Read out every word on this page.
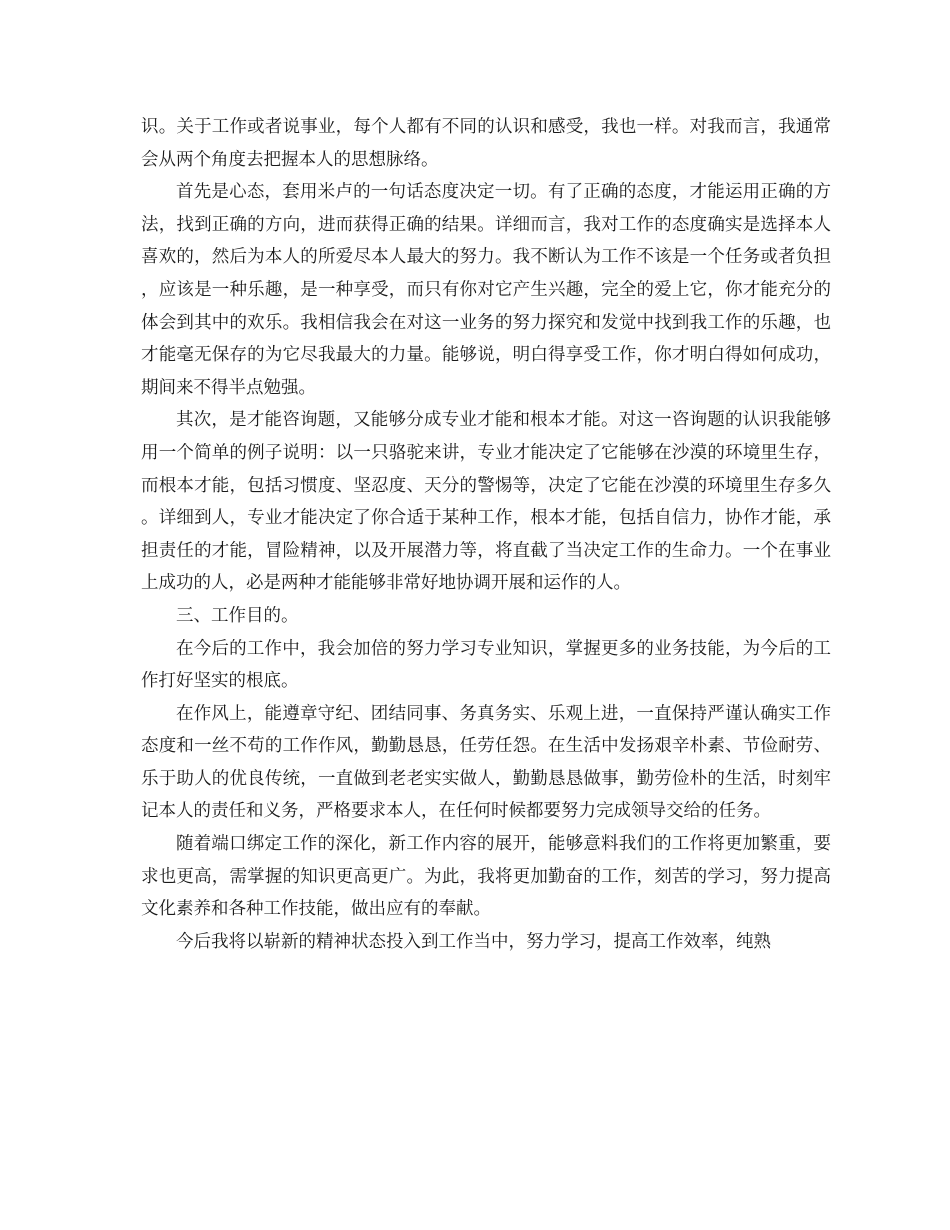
识。关于工作或者说事业，每个人都有不同的认识和感受，我也一样。对我而言，我通常会从两个角度去把握本人的思想脉络。

首先是心态，套用米卢的一句话态度决定一切。有了正确的态度，才能运用正确的方法，找到正确的方向，进而获得正确的结果。详细而言，我对工作的态度确实是选择本人喜欢的，然后为本人的所爱尽本人最大的努力。我不断认为工作不该是一个任务或者负担，应该是一种乐趣，是一种享受，而只有你对它产生兴趣，完全的爱上它，你才能充分的体会到其中的欢乐。我相信我会在对这一业务的努力探究和发觉中找到我工作的乐趣，也才能毫无保存的为它尽我最大的力量。能够说，明白得享受工作，你才明白得如何成功，期间来不得半点勉强。

其次，是才能咨询题，又能够分成专业才能和根本才能。对这一咨询题的认识我能够用一个简单的例子说明：以一只骆驼来讲，专业才能决定了它能够在沙漠的环境里生存，而根本才能，包括习惯度、坚忍度、天分的警惕等，决定了它能在沙漠的环境里生存多久。详细到人，专业才能决定了你合适于某种工作，根本才能，包括自信力，协作才能，承担责任的才能，冒险精神，以及开展潜力等，将直截了当决定工作的生命力。一个在事业上成功的人，必是两种才能能够非常好地协调开展和运作的人。

三、工作目的。

在今后的工作中，我会加倍的努力学习专业知识，掌握更多的业务技能，为今后的工作打好坚实的根底。

在作风上，能遵章守纪、团结同事、务真务实、乐观上进，一直保持严谨认确实工作态度和一丝不苟的工作作风，勤勤恳恳，任劳任怨。在生活中发扬艰辛朴素、节俭耐劳、乐于助人的优良传统，一直做到老老实实做人，勤勤恳恳做事，勤劳俭朴的生活，时刻牢记本人的责任和义务，严格要求本人，在任何时候都要努力完成领导交给的任务。

随着端口绑定工作的深化，新工作内容的展开，能够意料我们的工作将更加繁重，要求也更高，需掌握的知识更高更广。为此，我将更加勤奋的工作，刻苦的学习，努力提高文化素养和各种工作技能，做出应有的奉献。

今后我将以崭新的精神状态投入到工作当中，努力学习，提高工作效率，纯熟
